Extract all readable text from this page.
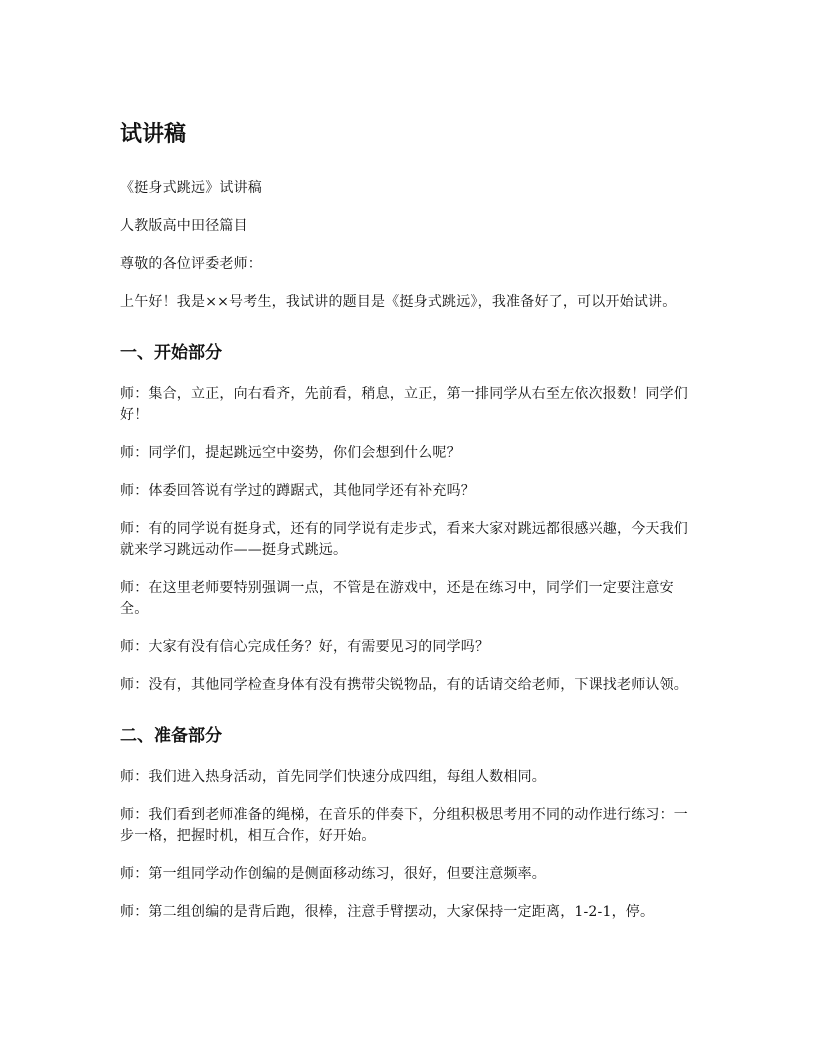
试讲稿

《挺身式跳远》试讲稿

人教版高中田径篇目

尊敬的各位评委老师：

上午好！我是××号考生，我试讲的题目是《挺身式跳远》，我准备好了，可以开始试讲。

一、开始部分

师：集合，立正，向右看齐，先前看，稍息，立正，第一排同学从右至左依次报数！同学们好！

师：同学们，提起跳远空中姿势，你们会想到什么呢？

师：体委回答说有学过的蹲踞式，其他同学还有补充吗？

师：有的同学说有挺身式，还有的同学说有走步式，看来大家对跳远都很感兴趣，今天我们就来学习跳远动作——挺身式跳远。

师：在这里老师要特别强调一点，不管是在游戏中，还是在练习中，同学们一定要注意安全。

师：大家有没有信心完成任务？好，有需要见习的同学吗？

师：没有，其他同学检查身体有没有携带尖锐物品，有的话请交给老师，下课找老师认领。

二、准备部分

师：我们进入热身活动，首先同学们快速分成四组，每组人数相同。

师：我们看到老师准备的绳梯，在音乐的伴奏下，分组积极思考用不同的动作进行练习：一步一格，把握时机，相互合作，好开始。

师：第一组同学动作创编的是侧面移动练习，很好，但要注意频率。

师：第二组创编的是背后跑，很棒，注意手臂摆动，大家保持一定距离，1-2-1，停。
